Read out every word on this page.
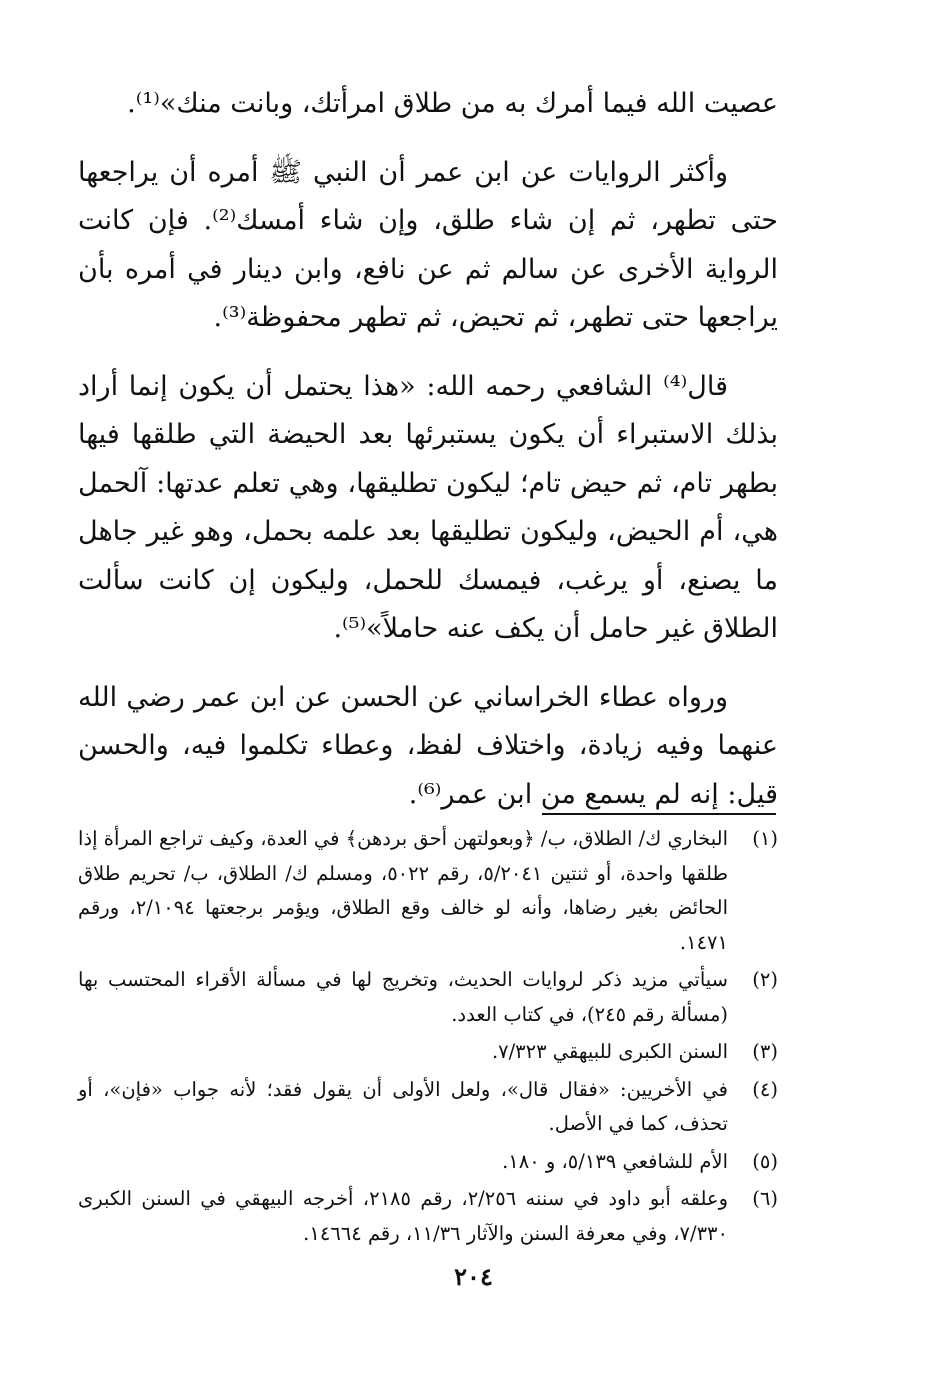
عصيت الله فيما أمرك به من طلاق امرأتك، وبانت منك»⁽¹⁾.

وأكثر الروايات عن ابن عمر أن النبي ﷺ أمره أن يراجعها حتى تطهر، ثم إن شاء طلق، وإن شاء أمسك⁽²⁾. فإن كانت الرواية الأخرى عن سالم ثم عن نافع، وابن دينار في أمره بأن يراجعها حتى تطهر، ثم تحيض، ثم تطهر محفوظة⁽³⁾.

قال⁽⁴⁾ الشافعي رحمه الله: «هذا يحتمل أن يكون إنما أراد بذلك الاستبراء أن يكون يستبرئها بعد الحيضة التي طلقها فيها بطهر تام، ثم حيض تام؛ ليكون تطليقها، وهي تعلم عدتها: آلحمل هي، أم الحيض، وليكون تطليقها بعد علمه بحمل، وهو غير جاهل ما يصنع، أو يرغب، فيمسك للحمل، وليكون إن كانت سألت الطلاق غير حامل أن يكف عنه حاملاً»⁽⁵⁾.

ورواه عطاء الخراساني عن الحسن عن ابن عمر رضي الله عنهما وفيه زيادة، واختلاف لفظ، وعطاء تكلموا فيه، والحسن قيل: إنه لم يسمع من ابن عمر⁽⁶⁾.

(١)
البخاري ك/ الطلاق، ب/ ﴿وبعولتهن أحق بردهن﴾ في العدة، وكيف تراجع المرأة إذا طلقها واحدة، أو ثنتين ٥/٢٠٤١، رقم ٥٠٢٢، ومسلم ك/ الطلاق، ب/ تحريم طلاق الحائض بغير رضاها، وأنه لو خالف وقع الطلاق، ويؤمر برجعتها ٢/١٠٩٤، ورقم ١٤٧١.
(٢)
سيأتي مزيد ذكر لروايات الحديث، وتخريج لها في مسألة الأقراء المحتسب بها (مسألة رقم ٢٤٥)، في كتاب العدد.
(٣)
السنن الكبرى للبيهقي ٧/٣٢٣.
(٤)
في الأخريين: «فقال قال»، ولعل الأولى أن يقول فقد؛ لأنه جواب «فإن»، أو تحذف، كما في الأصل.
(٥)
الأم للشافعي ٥/١٣٩، و ١٨٠.
(٦)
وعلقه أبو داود في سننه ٢/٢٥٦، رقم ٢١٨٥، أخرجه البيهقي في السنن الكبرى ٧/٣٣٠، وفي معرفة السنن والآثار ١١/٣٦، رقم ١٤٦٦٤.
٢٠٤
